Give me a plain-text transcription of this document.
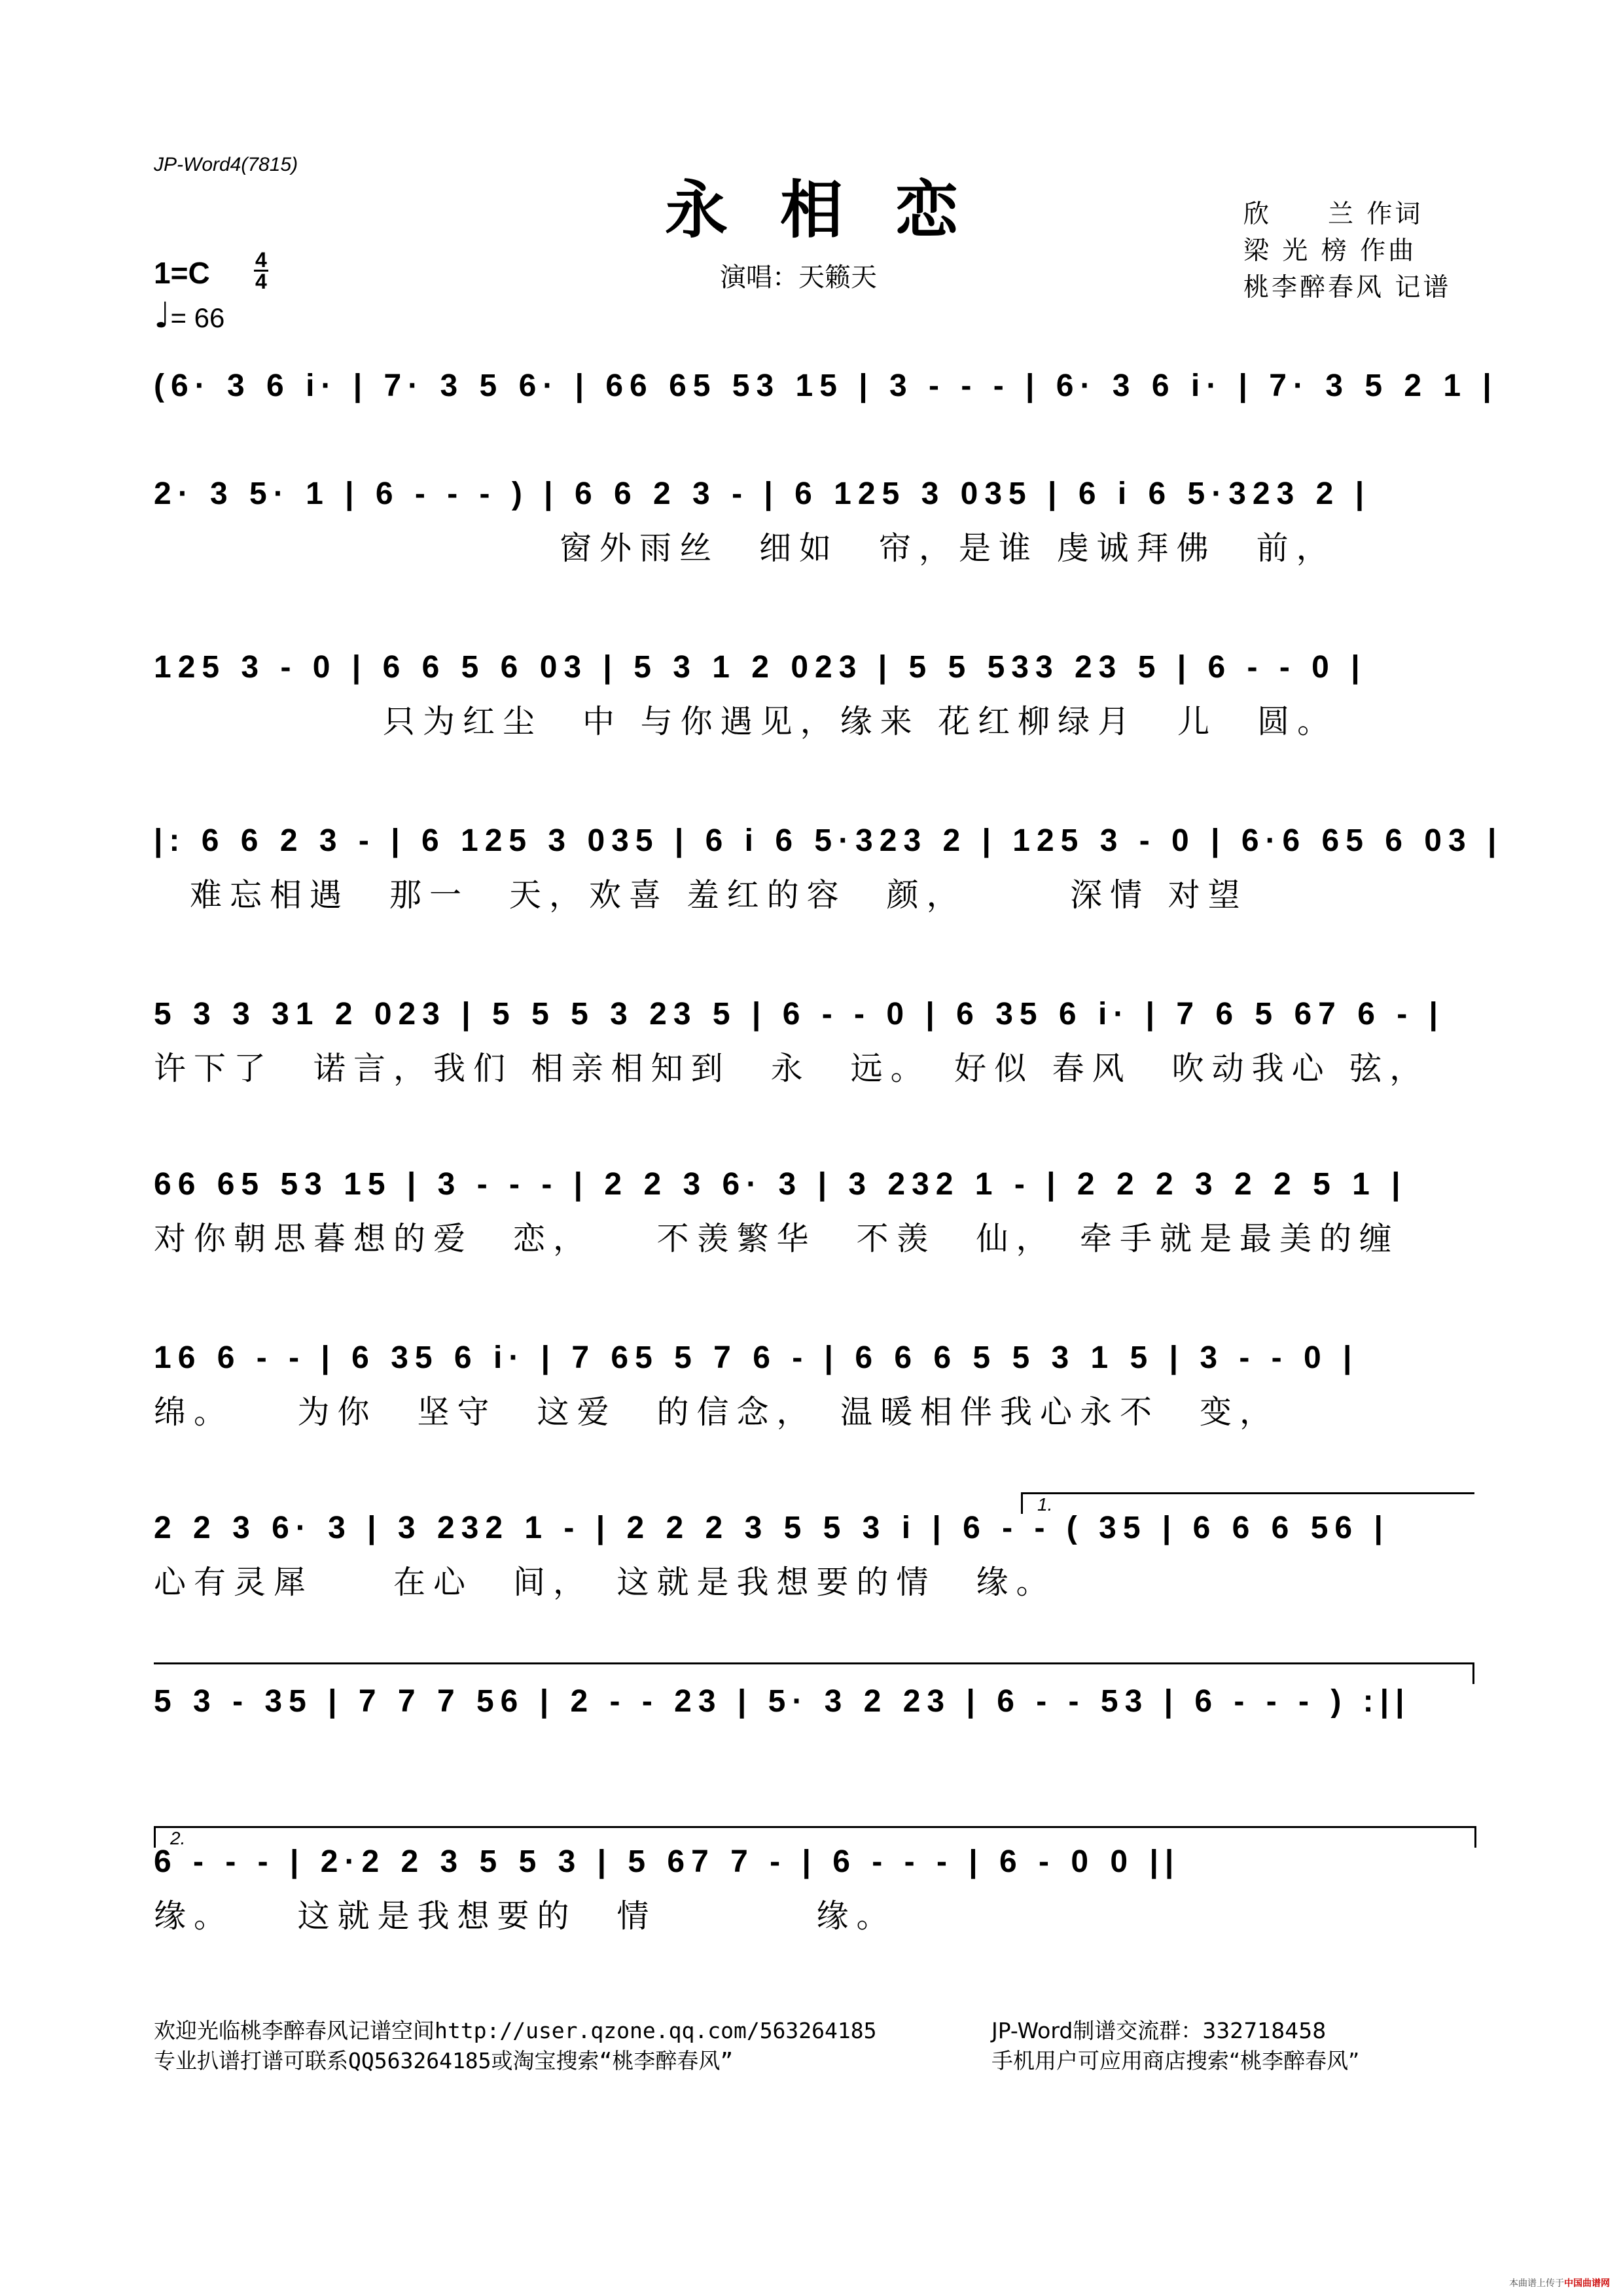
JP-Word4(7815)
永相恋
演唱：天籁天
欣　　兰 作词
梁 光 榜 作曲
桃李醉春风 记谱
1=C 4
4
♩= 66
(6· 3 6 i· | 7· 3 5 6· | 66 65 53 15 | 3 - - - | 6· 3 6 i· | 7· 3 5 2 1 |
2· 3 5· 1 | 6 - - - ) | 6 6 2 3 - | 6 125 3 035 | 6 i 6 5·323 2 |
窗外雨丝　细如　帘，是谁 虔诚拜佛　前，
125 3 - 0 | 6 6 5 6 03 | 5 3 1 2 023 | 5 5 533 23 5 | 6 - - 0 |
只为红尘　中 与你遇见，缘来 花红柳绿月　儿　圆。
|: 6 6 2 3 - | 6 125 3 035 | 6 i 6 5·323 2 | 125 3 - 0 | 6·6 65 6 03 |
难忘相遇　那一　天，欢喜 羞红的容　颜，　　　深情 对望
5 3 3 31 2 023 | 5 5 5 3 23 5 | 6 - - 0 | 6 35 6 i· | 7 6 5 67 6 - |
许下了　诺言，我们 相亲相知到　永　远。　好似 春风　吹动我心 弦，
66 65 53 15 | 3 - - - | 2 2 3 6· 3 | 3 232 1 - | 2 2 2 3 2 2 5 1 |
对你朝思暮想的爱　恋，　　不羡繁华　不羡　仙，　牵手就是最美的缠
16 6 - - | 6 35 6 i· | 7 65 5 7 6 - | 6 6 6 5 5 3 1 5 | 3 - - 0 |
绵。　　为你　坚守　这爱　的信念，　温暖相伴我心永不　变，
1.
2 2 3 6· 3 | 3 232 1 - | 2 2 2 3 5 5 3 i | 6 - - ( 35 | 6 6 6 56 |
心有灵犀　　在心　间，　这就是我想要的情　缘。
5 3 - 35 | 7 7 7 56 | 2 - - 23 | 5· 3 2 23 | 6 - - 53 | 6 - - - ) :||
2.
6 - - - | 2·2 2 3 5 5 3 | 5 67 7 - | 6 - - - | 6 - 0 0 ||
缘。　　这就是我想要的　情　　　　缘。
欢迎光临桃李醉春风记谱空间http://user.qzone.qq.com/563264185
专业扒谱打谱可联系QQ563264185或淘宝搜索“桃李醉春风”
JP-Word制谱交流群：332718458
手机用户可应用商店搜索“桃李醉春风”
本曲谱上传于中国曲谱网
